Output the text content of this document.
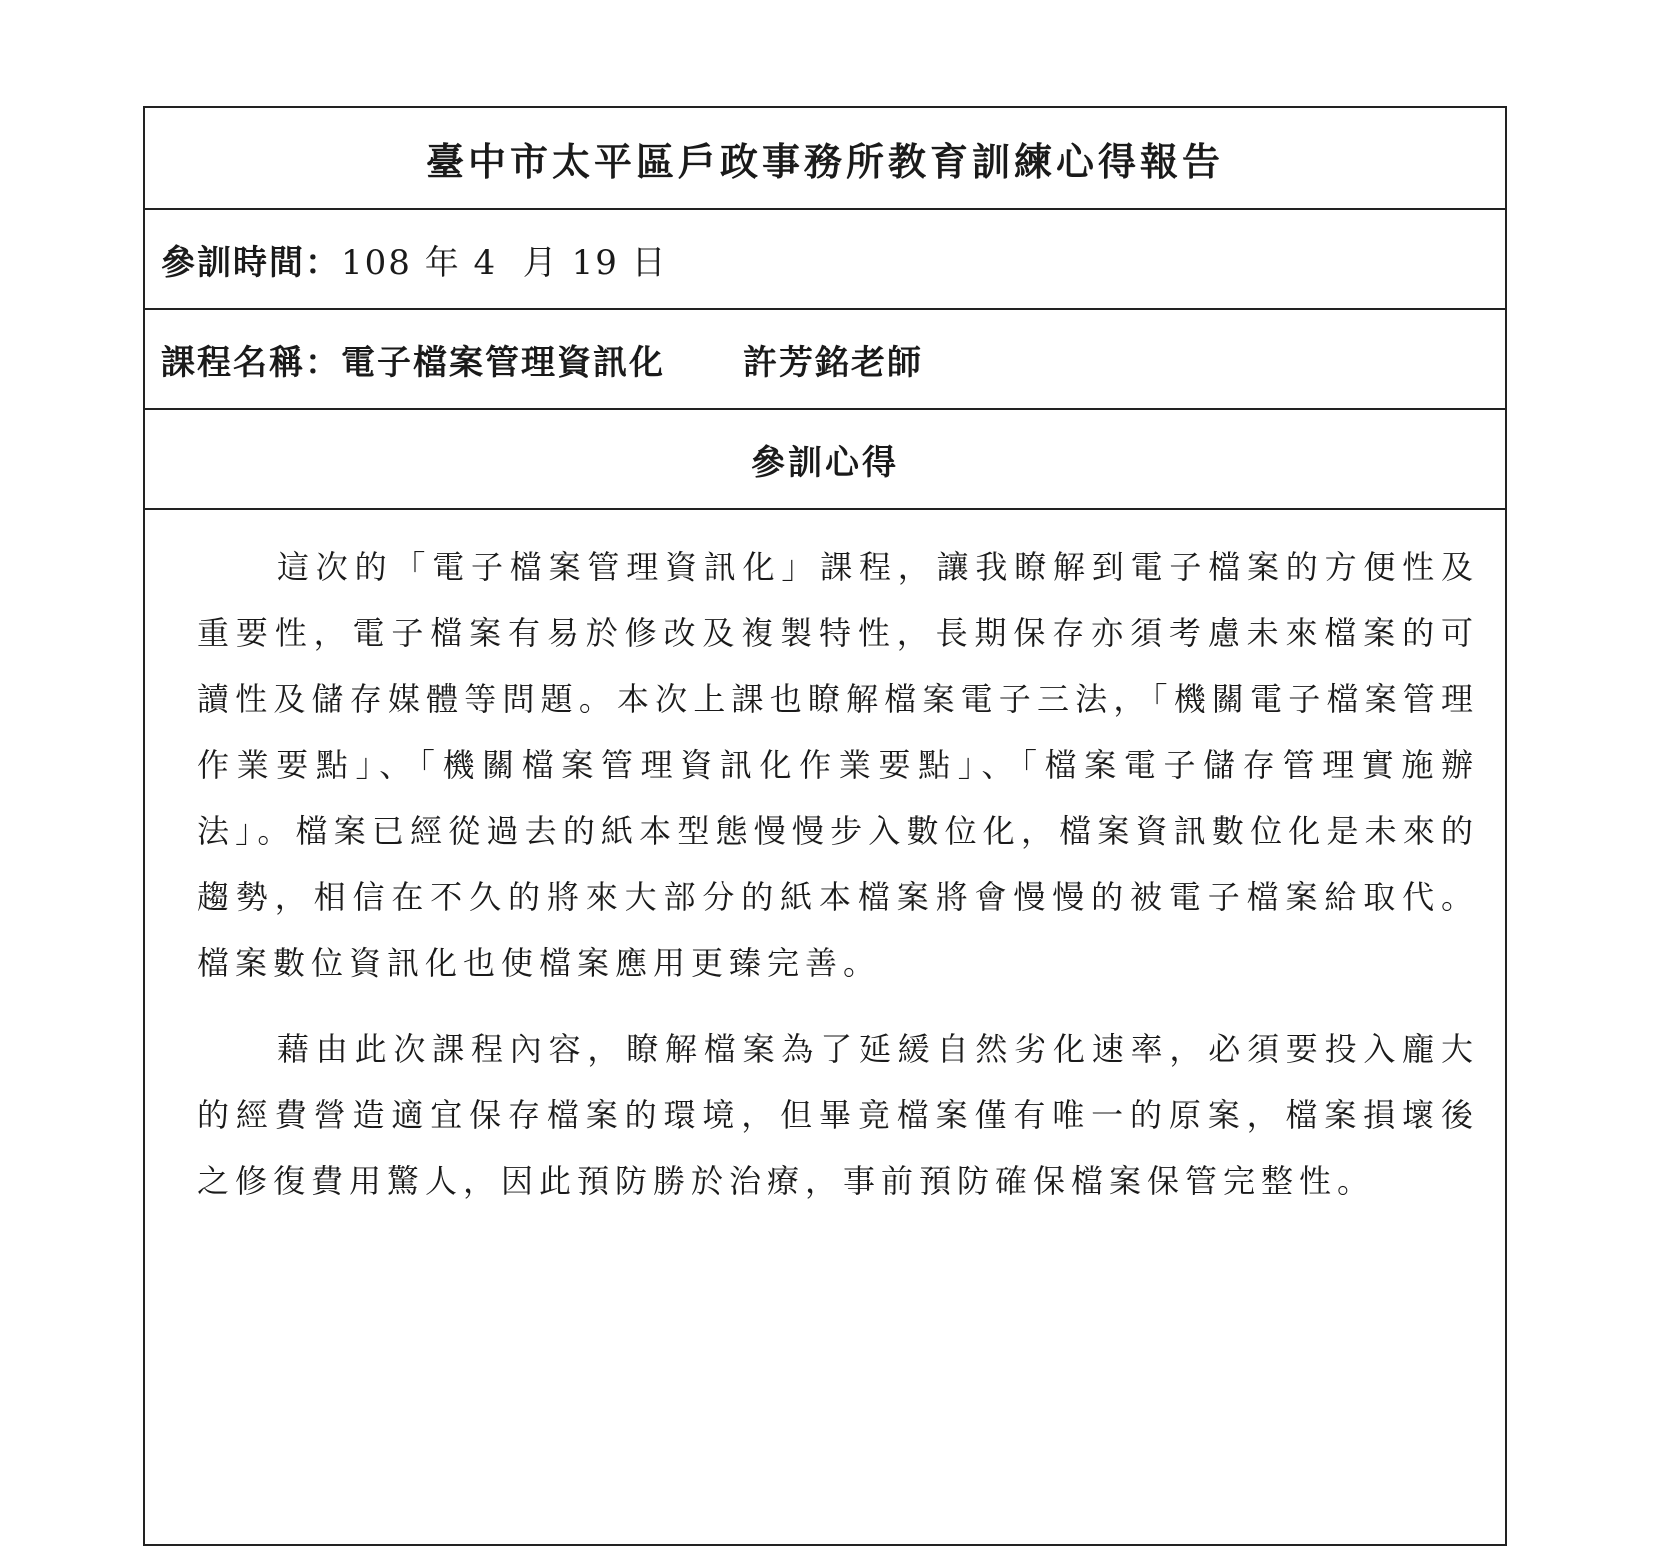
臺中市太平區戶政事務所教育訓練心得報告
參訓時間：108 年 4  月 19 日
課程名稱：電子檔案管理資訊化 許芳銘老師
參訓心得

這次的「電子檔案管理資訊化」課程，讓我瞭解到電子檔案的方便性及重要性，電子檔案有易於修改及複製特性，長期保存亦須考慮未來檔案的可讀性及儲存媒體等問題。本次上課也瞭解檔案電子三法，「機關電子檔案管理作業要點」、「機關檔案管理資訊化作業要點」、「檔案電子儲存管理實施辦法」。檔案已經從過去的紙本型態慢慢步入數位化，檔案資訊數位化是未來的趨勢，相信在不久的將來大部分的紙本檔案將會慢慢的被電子檔案給取代。檔案數位資訊化也使檔案應用更臻完善。

藉由此次課程內容，瞭解檔案為了延緩自然劣化速率，必須要投入龐大的經費營造適宜保存檔案的環境，但畢竟檔案僅有唯一的原案，檔案損壞後之修復費用驚人，因此預防勝於治療，事前預防確保檔案保管完整性。
